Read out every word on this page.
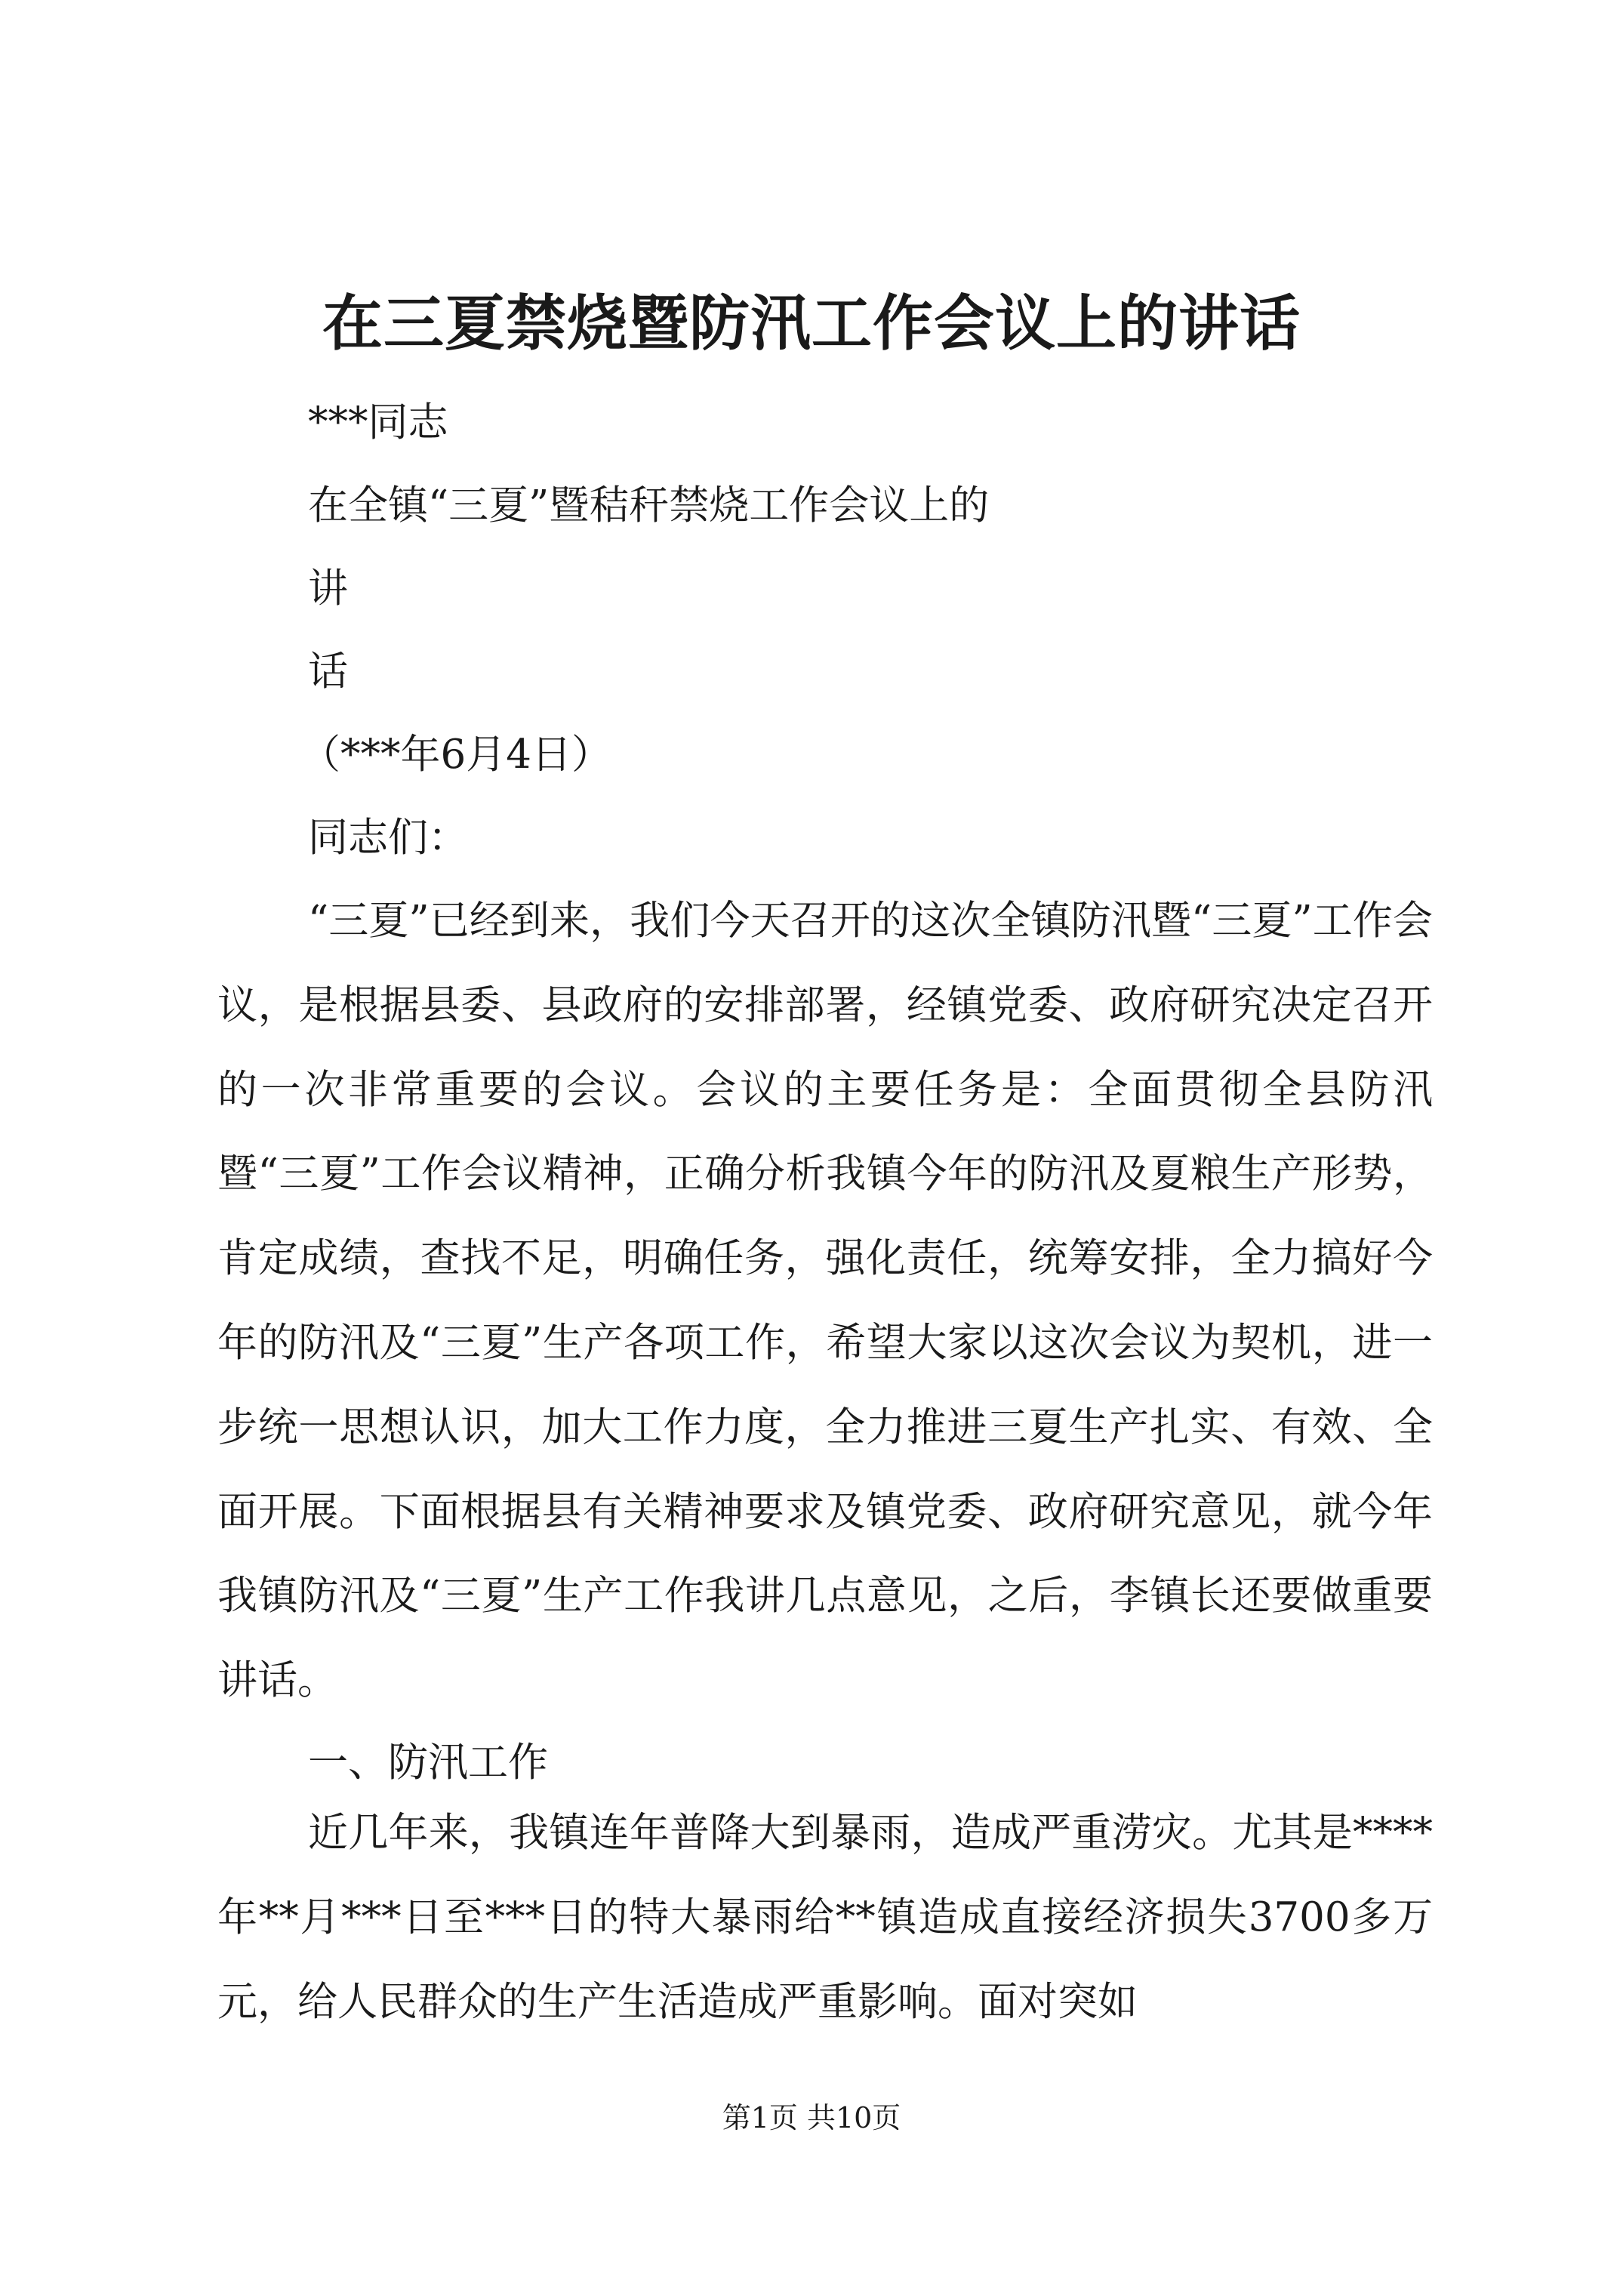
在三夏禁烧暨防汛工作会议上的讲话

***同志

在全镇“三夏”暨秸秆禁烧工作会议上的

讲

话

（***年6月4日）

同志们：

“三夏”已经到来，我们今天召开的这次全镇防汛暨“三夏”工作会议，是根据县委、县政府的安排部署，经镇党委、政府研究决定召开的一次非常重要的会议。会议的主要任务是：全面贯彻全县防汛暨“三夏”工作会议精神，正确分析我镇今年的防汛及夏粮生产形势，肯定成绩，查找不足，明确任务，强化责任，统筹安排，全力搞好今年的防汛及“三夏”生产各项工作，希望大家以这次会议为契机，进一步统一思想认识，加大工作力度，全力推进三夏生产扎实、有效、全面开展。下面根据县有关精神要求及镇党委、政府研究意见，就今年我镇防汛及“三夏”生产工作我讲几点意见，之后，李镇长还要做重要讲话。

一、防汛工作

近几年来，我镇连年普降大到暴雨，造成严重涝灾。尤其是****年**月***日至***日的特大暴雨给**镇造成直接经济损失3700多万元，给人民群众的生产生活造成严重影响。面对突如

第1页 共10页
